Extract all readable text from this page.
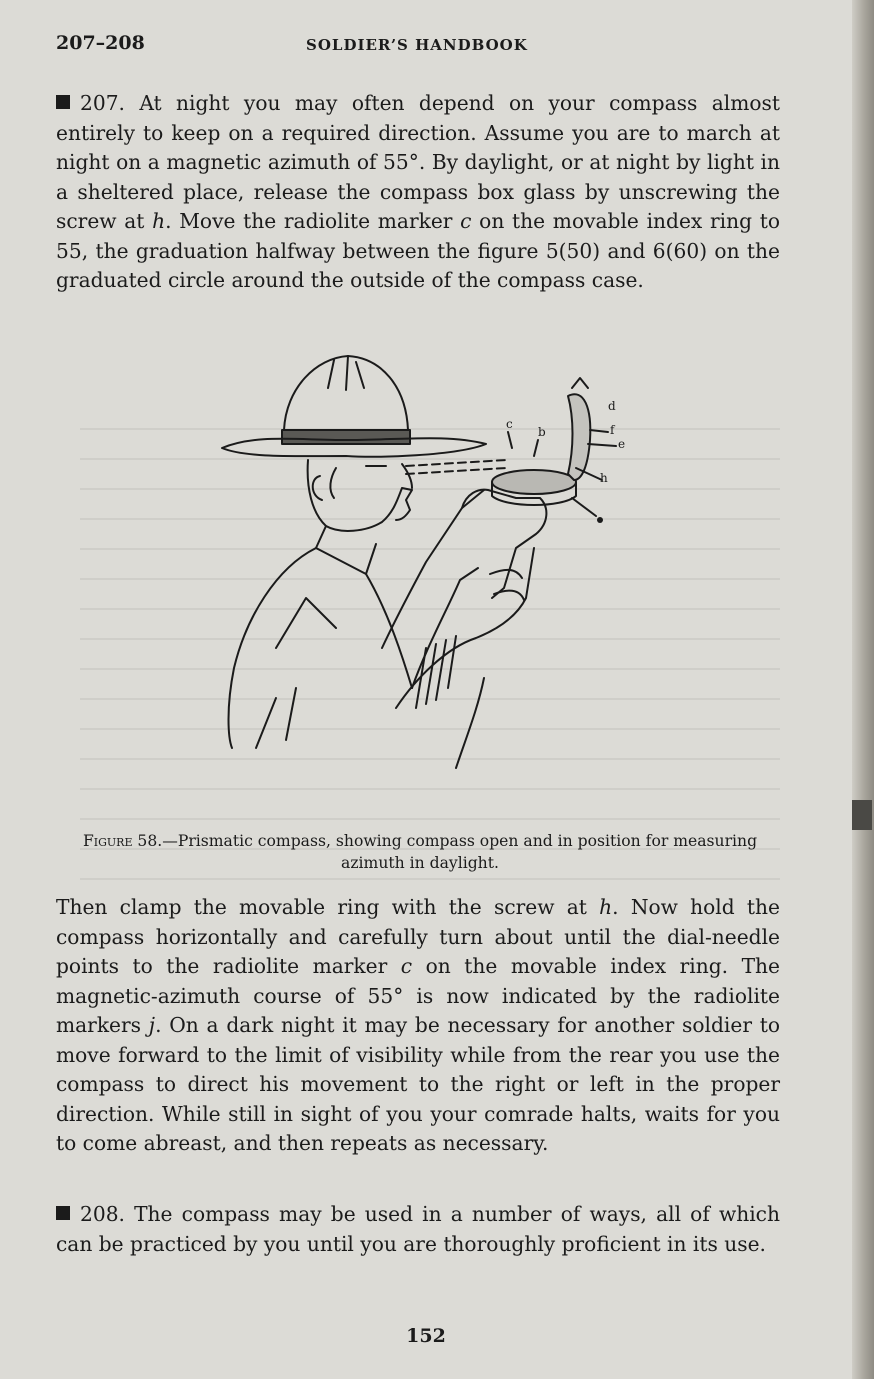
207–208	SOLDIER’S HANDBOOK
207. At night you may often depend on your compass almost entirely to keep on a required direction. Assume you are to march at night on a magnetic azimuth of 55°. By daylight, or at night by light in a sheltered place, release the compass box glass by unscrewing the screw at h. Move the radiolite marker c on the movable index ring to 55, the graduation halfway between the figure 5(50) and 6(60) on the graduated circle around the outside of the compass case.
c
b
d
f
e
h
Figure 58.—Prismatic compass, showing compass open and in position for measuring azimuth in daylight.
Then clamp the movable ring with the screw at h. Now hold the compass horizontally and carefully turn about until the dial-needle points to the radiolite marker c on the movable index ring. The magnetic-azimuth course of 55° is now indicated by the radiolite markers j. On a dark night it may be necessary for another soldier to move forward to the limit of visibility while from the rear you use the compass to direct his movement to the right or left in the proper direction. While still in sight of you your comrade halts, waits for you to come abreast, and then repeats as necessary.
208. The compass may be used in a number of ways, all of which can be practiced by you until you are thoroughly proficient in its use.
152
